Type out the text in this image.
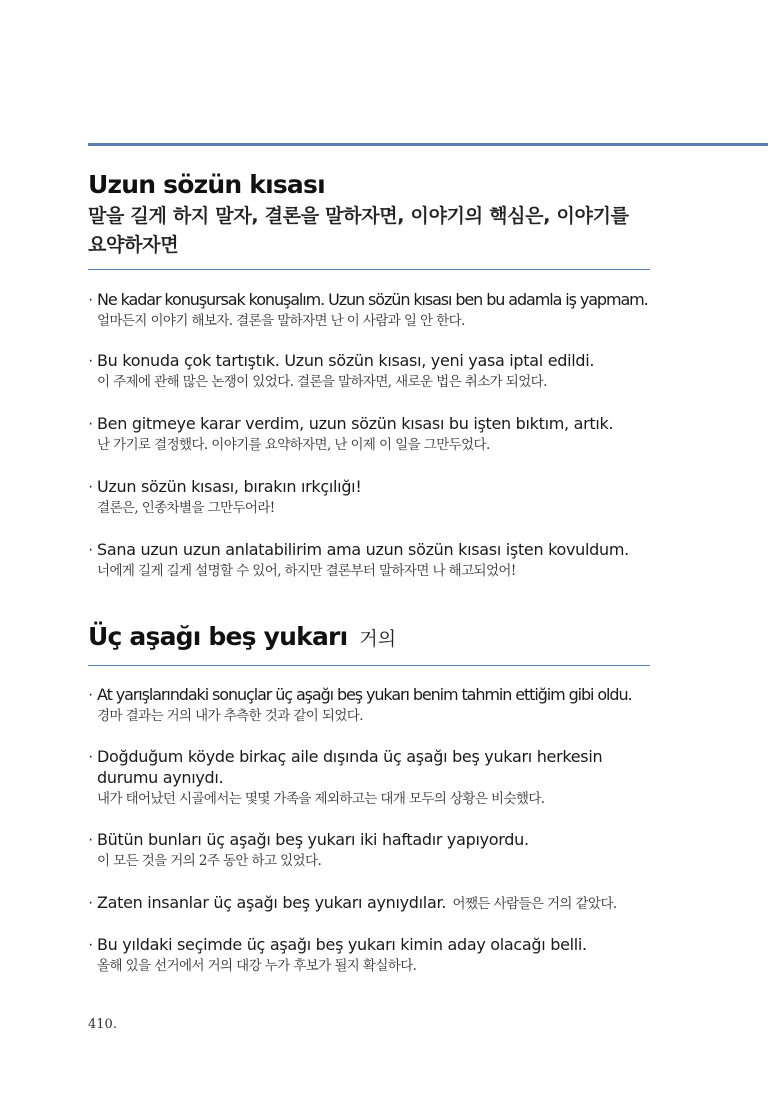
Uzun sözün kısası

말을 길게 하지 말자, 결론을 말하자면, 이야기의 핵심은, 이야기를 요약하자면

· Ne kadar konuşursak konuşalım. Uzun sözün kısası ben bu adamla iş yapmam.
얼마든지 이야기 해보자. 결론을 말하자면 난 이 사람과 일 안 한다.
· Bu konuda çok tartıştık. Uzun sözün kısası, yeni yasa iptal edildi.
이 주제에 관해 많은 논쟁이 있었다. 결론을 말하자면, 새로운 법은 취소가 되었다.
· Ben gitmeye karar verdim, uzun sözün kısası bu işten bıktım, artık.
난 가기로 결정했다. 이야기를 요약하자면, 난 이제 이 일을 그만두었다.
· Uzun sözün kısası, bırakın ırkçılığı!
결론은, 인종차별을 그만두어라!
· Sana uzun uzun anlatabilirim ama uzun sözün kısası işten kovuldum.
너에게 길게 길게 설명할 수 있어, 하지만 결론부터 말하자면 나 해고되었어!
Üç aşağı beş yukarı 거의
· At yarışlarındaki sonuçlar üç aşağı beş yukarı benim tahmin ettiğim gibi oldu.
경마 결과는 거의 내가 추측한 것과 같이 되었다.
· Doğduğum köyde birkaç aile dışında üç aşağı beş yukarı herkesin durumu aynıydı.
내가 태어났던 시골에서는 몇몇 가족을 제외하고는 대개 모두의 상황은 비슷했다.
· Bütün bunları üç aşağı beş yukarı iki haftadır yapıyordu.
이 모든 것을 거의 2주 동안 하고 있었다.
· Zaten insanlar üç aşağı beş yukarı aynıydılar. 어쨌든 사람들은 거의 같았다.
· Bu yıldaki seçimde üç aşağı beş yukarı kimin aday olacağı belli.
올해 있을 선거에서 거의 대강 누가 후보가 될지 확실하다.
410.
